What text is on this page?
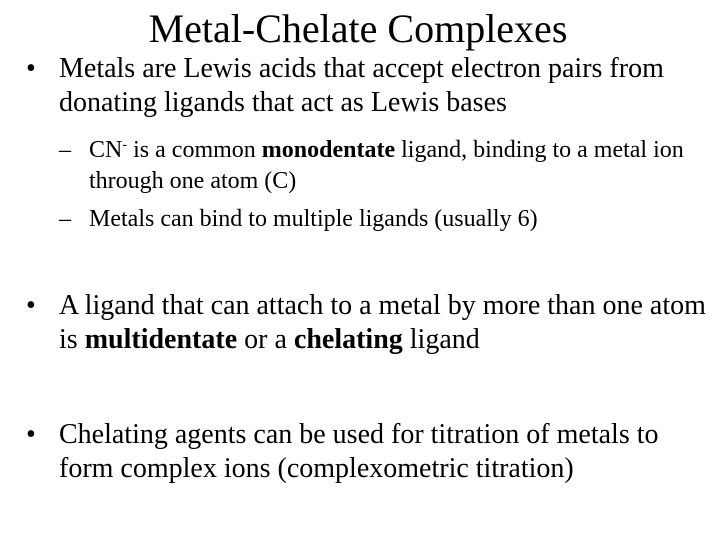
Metal-Chelate Complexes
• Metals are Lewis acids that accept electron pairs from donating ligands that act as Lewis bases
– CN- is a common monodentate ligand, binding to a metal ion through one atom (C)
– Metals can bind to multiple ligands (usually 6)
• A ligand that can attach to a metal by more than one atom is multidentate or a chelating ligand
• Chelating agents can be used for titration of metals to form complex ions (complexometric titration)
